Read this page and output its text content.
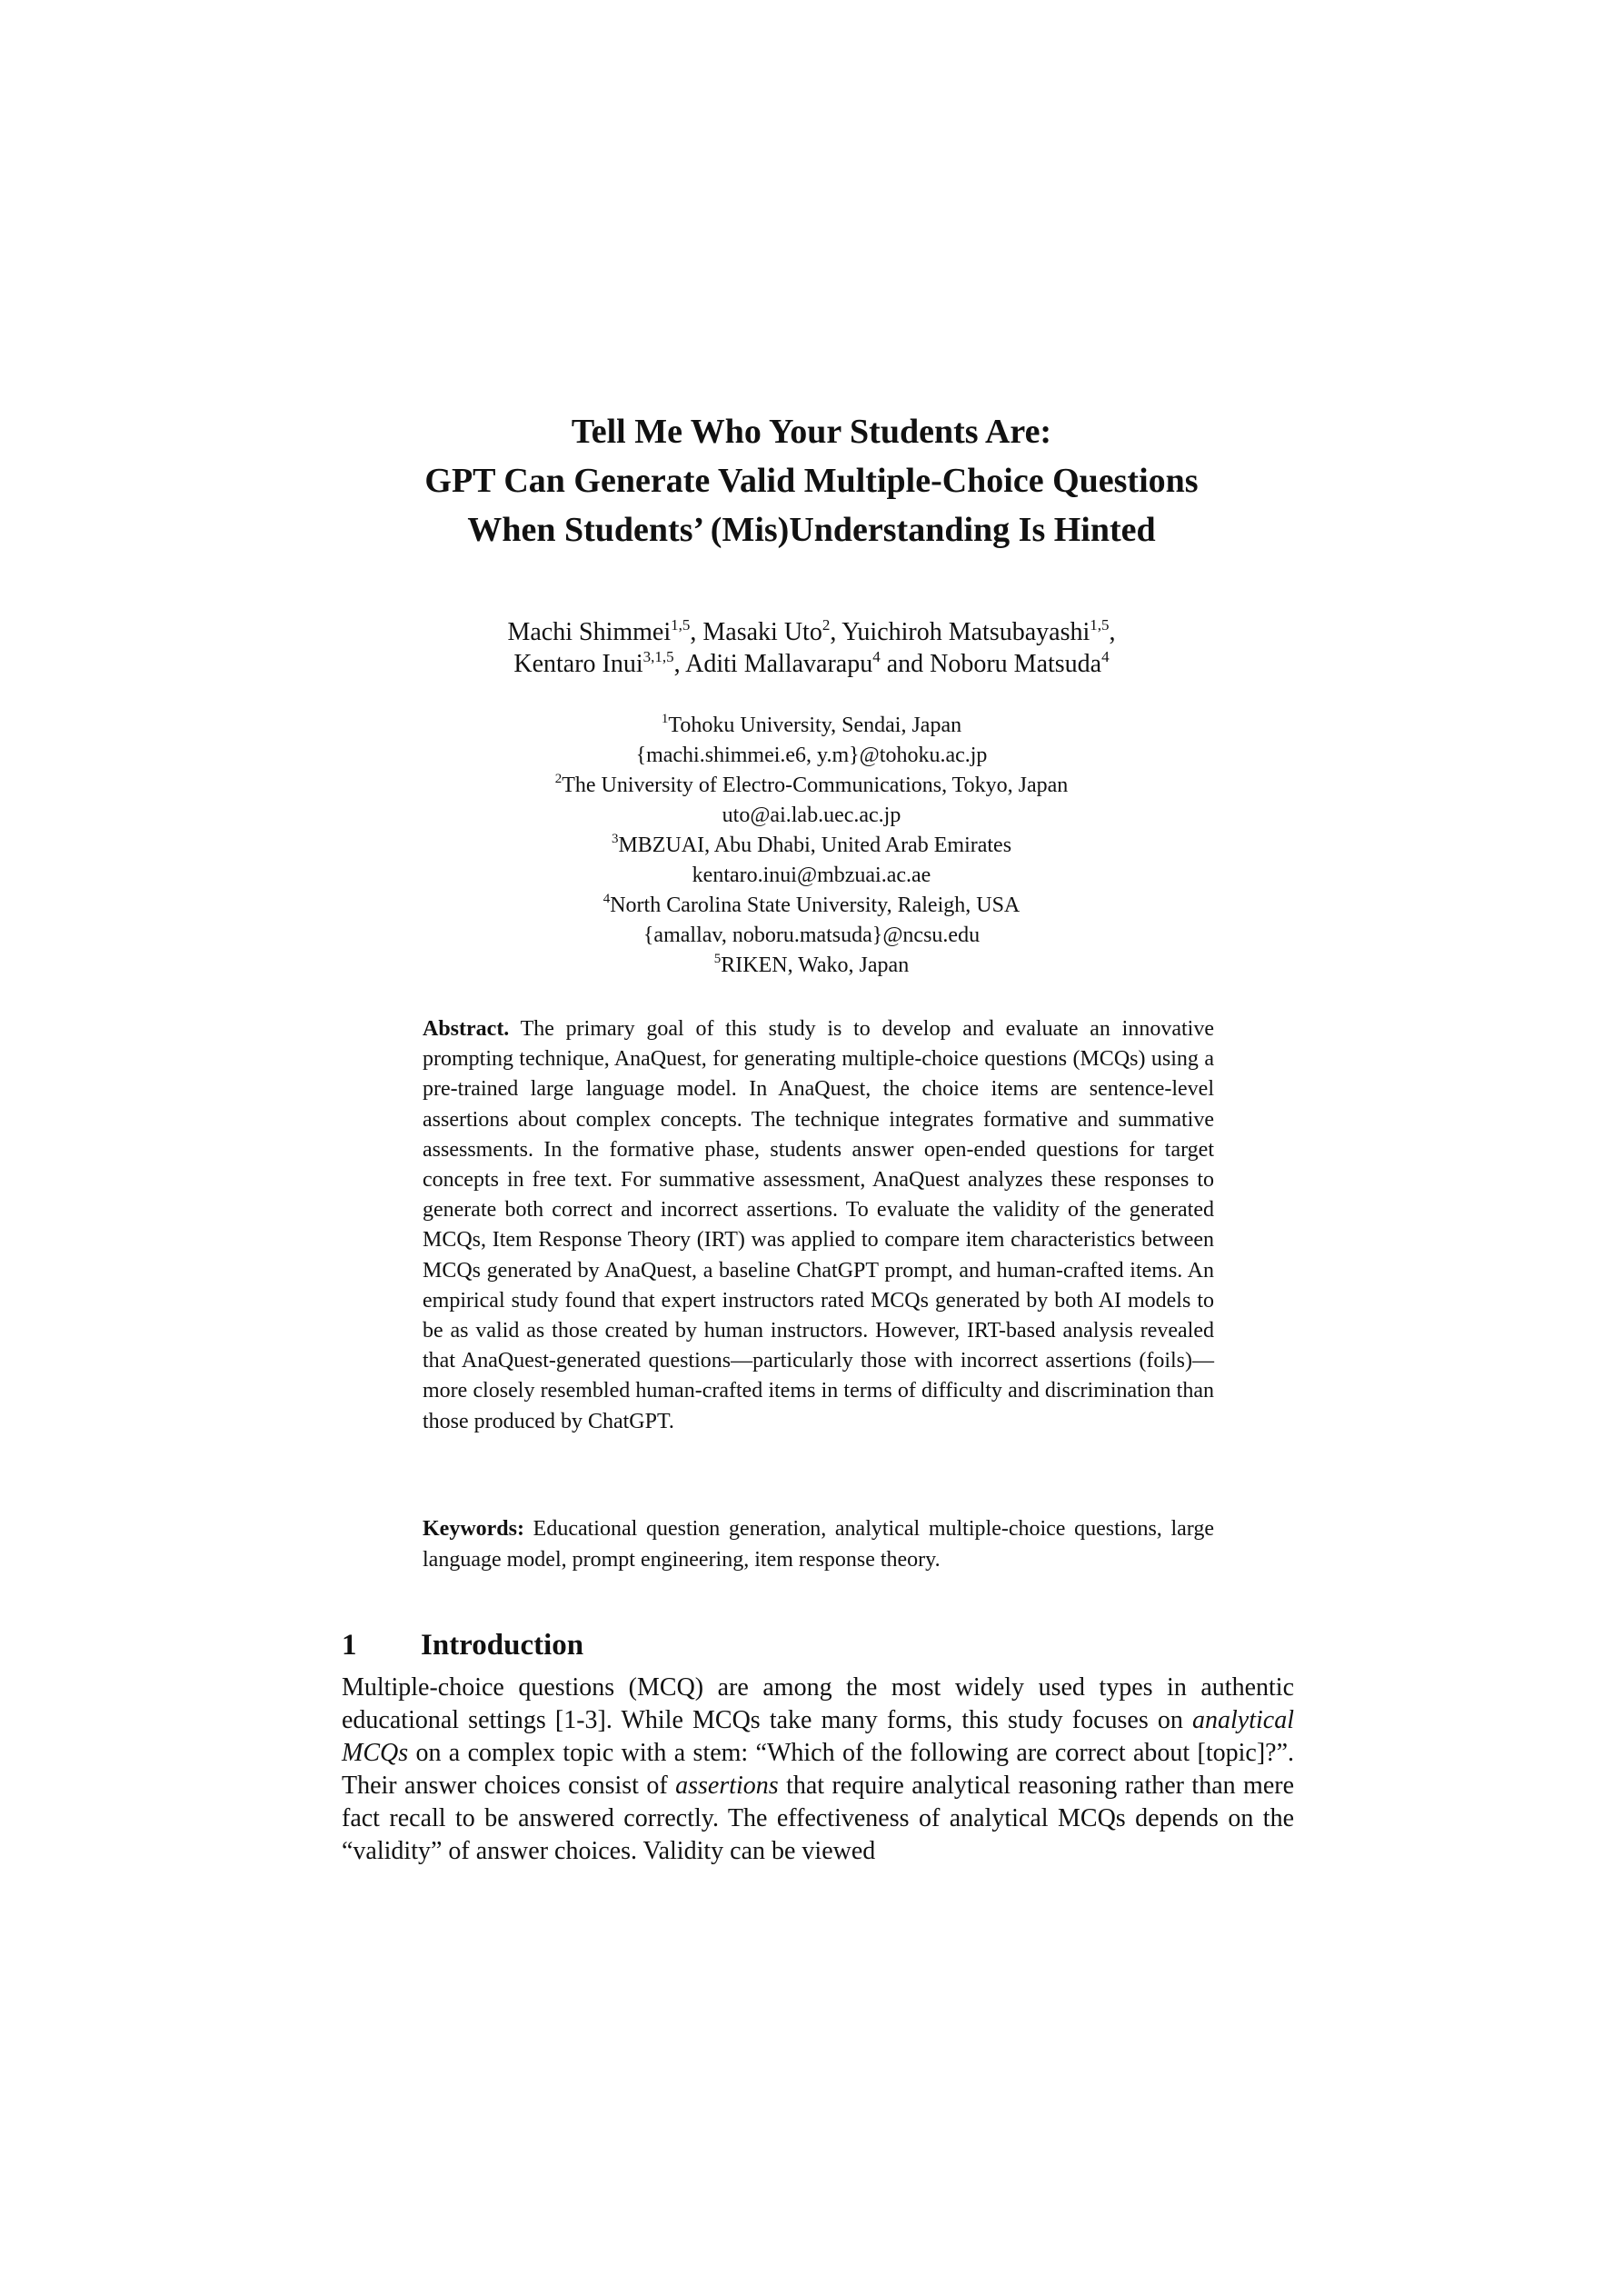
Tell Me Who Your Students Are:
GPT Can Generate Valid Multiple-Choice Questions
When Students’ (Mis)Understanding Is Hinted
Machi Shimmei$^{1,5}$, Masaki Uto$^2$, Yuichiroh Matsubayashi$^{1,5}$,
Kentaro Inui$^{3,1,5}$, Aditi Mallavarapu$^4$ and Noboru Matsuda$^4$
$^1$Tohoku University, Sendai, Japan
{machi.shimmei.e6, y.m}@tohoku.ac.jp
$^2$The University of Electro-Communications, Tokyo, Japan
uto@ai.lab.uec.ac.jp
$^3$MBZUAI, Abu Dhabi, United Arab Emirates
kentaro.inui@mbzuai.ac.ae
$^4$North Carolina State University, Raleigh, USA
{amallav, noboru.matsuda}@ncsu.edu
$^5$RIKEN, Wako, Japan
Abstract. The primary goal of this study is to develop and evaluate an innovative prompting technique, AnaQuest, for generating multiple-choice questions (MCQs) using a pre-trained large language model. In AnaQuest, the choice items are sentence-level assertions about complex concepts. The technique integrates formative and summative assessments. In the formative phase, students answer open-ended questions for target concepts in free text. For summative assessment, AnaQuest analyzes these responses to generate both correct and incorrect assertions. To evaluate the validity of the generated MCQs, Item Response Theory (IRT) was applied to compare item characteristics between MCQs generated by AnaQuest, a baseline ChatGPT prompt, and human-crafted items. An empirical study found that expert instructors rated MCQs generated by both AI models to be as valid as those created by human instructors. However, IRT-based analysis revealed that AnaQuest-generated questions—particularly those with incorrect assertions (foils)—more closely resembled human-crafted items in terms of difficulty and discrimination than those produced by ChatGPT.
Keywords: Educational question generation, analytical multiple-choice questions, large language model, prompt engineering, item response theory.
1 Introduction
Multiple-choice questions (MCQ) are among the most widely used types in authentic educational settings [1-3]. While MCQs take many forms, this study focuses on analytical MCQs on a complex topic with a stem: “Which of the following are correct about [topic]?”. Their answer choices consist of assertions that require analytical reasoning rather than mere fact recall to be answered correctly. The effectiveness of analytical MCQs depends on the “validity” of answer choices. Validity can be viewed
